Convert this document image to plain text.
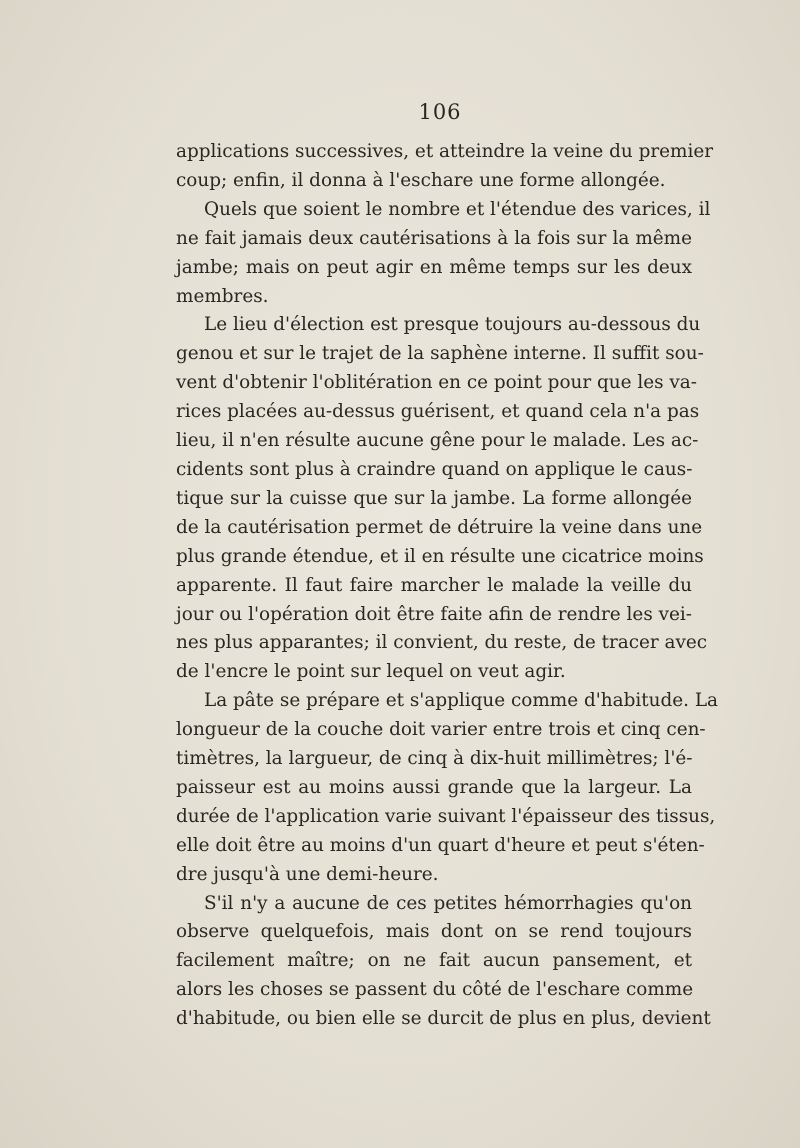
106

applications successives, et atteindre la veine du premier
coup; enfin, il donna à l'eschare une forme allongée.

Quels que soient le nombre et l'étendue des varices, il
ne fait jamais deux cautérisations à la fois sur la même
jambe; mais on peut agir en même temps sur les deux
membres.

Le lieu d'élection est presque toujours au-dessous du
genou et sur le trajet de la saphène interne. Il suffit sou-
vent d'obtenir l'oblitération en ce point pour que les va-
rices placées au-dessus guérisent, et quand cela n'a pas
lieu, il n'en résulte aucune gêne pour le malade. Les ac-
cidents sont plus à craindre quand on applique le caus-
tique sur la cuisse que sur la jambe. La forme allongée
de la cautérisation permet de détruire la veine dans une
plus grande étendue, et il en résulte une cicatrice moins
apparente. Il faut faire marcher le malade la veille du
jour ou l'opération doit être faite afin de rendre les vei-
nes plus apparantes; il convient, du reste, de tracer avec
de l'encre le point sur lequel on veut agir.

La pâte se prépare et s'applique comme d'habitude. La
longueur de la couche doit varier entre trois et cinq cen-
timètres, la largueur, de cinq à dix-huit millimètres; l'é-
paisseur est au moins aussi grande que la largeur. La
durée de l'application varie suivant l'épaisseur des tissus,
elle doit être au moins d'un quart d'heure et peut s'éten-
dre jusqu'à une demi-heure.

S'il n'y a aucune de ces petites hémorrhagies qu'on
observe quelquefois, mais dont on se rend toujours
facilement maître; on ne fait aucun pansement, et
alors les choses se passent du côté de l'eschare comme
d'habitude, ou bien elle se durcit de plus en plus, devient
